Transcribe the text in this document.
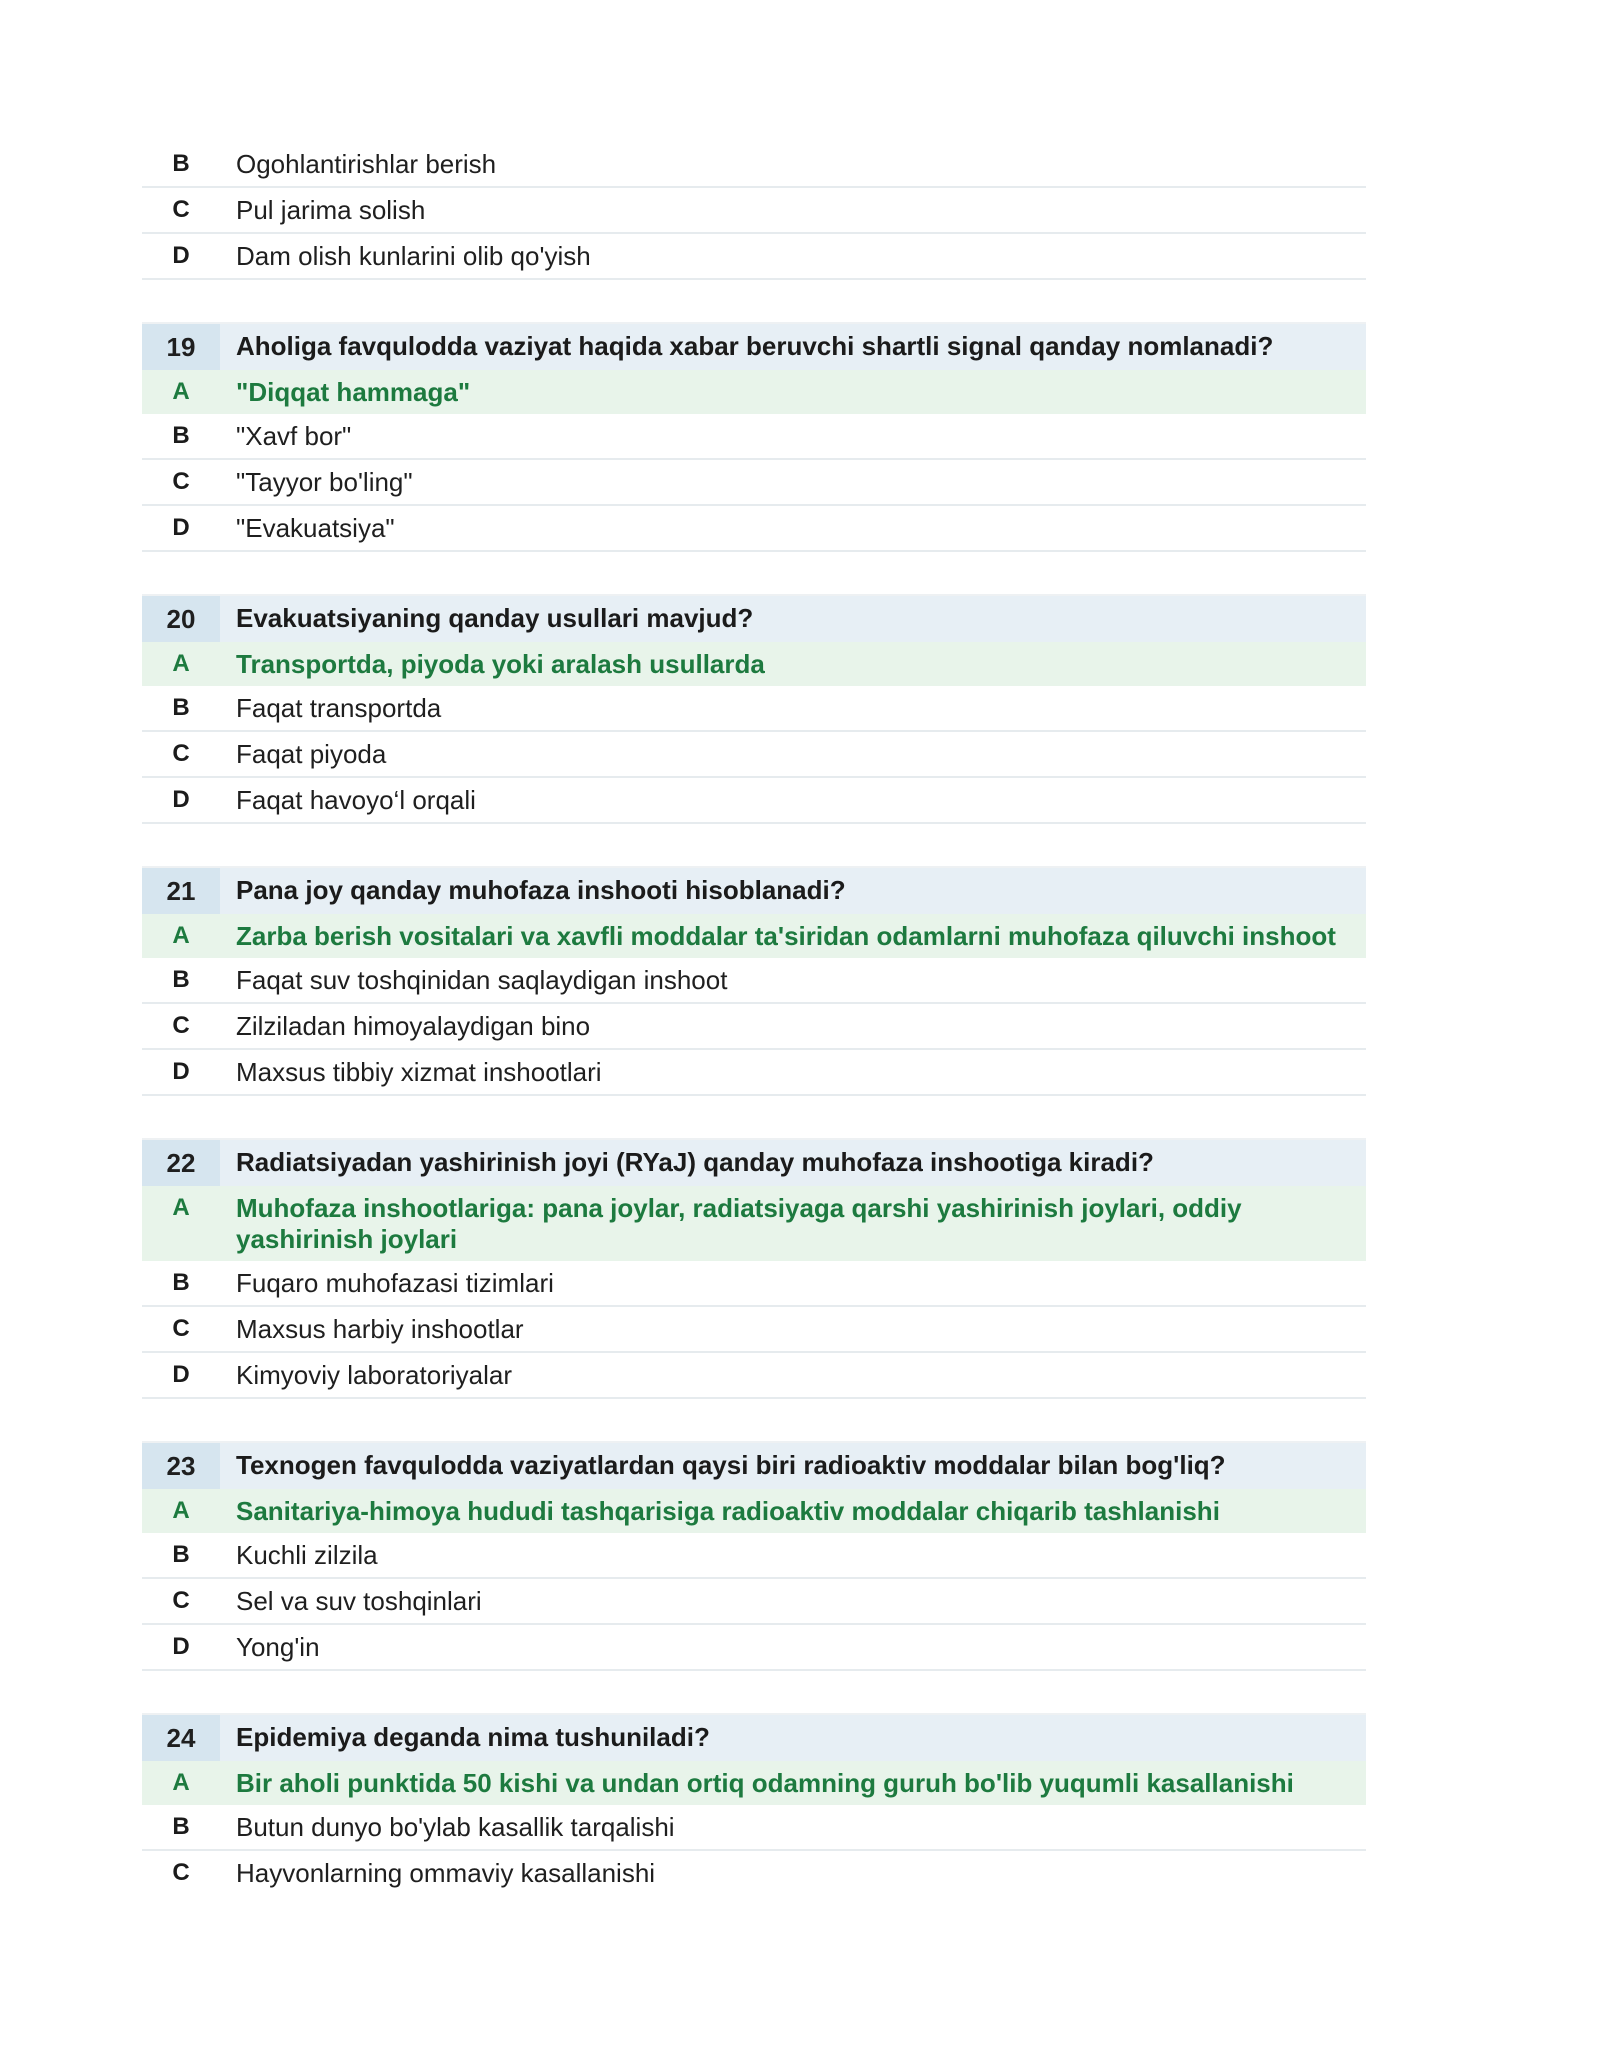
B	Ogohlantirishlar berish
C	Pul jarima solish
D	Dam olish kunlarini olib qo'yish
19	Aholiga favqulodda vaziyat haqida xabar beruvchi shartli signal qanday nomlanadi?
A	"Diqqat hammaga"
B	"Xavf bor"
C	"Tayyor bo'ling"
D	"Evakuatsiya"
20	Evakuatsiyaning qanday usullari mavjud?
A	Transportda, piyoda yoki aralash usullarda
B	Faqat transportda
C	Faqat piyoda
D	Faqat havoyo‘l orqali
21	Pana joy qanday muhofaza inshooti hisoblanadi?
A	Zarba berish vositalari va xavfli moddalar ta'siridan odamlarni muhofaza qiluvchi inshoot
B	Faqat suv toshqinidan saqlaydigan inshoot
C	Zilziladan himoyalaydigan bino
D	Maxsus tibbiy xizmat inshootlari
22	Radiatsiyadan yashirinish joyi (RYaJ) qanday muhofaza inshootiga kiradi?
A	Muhofaza inshootlariga: pana joylar, radiatsiyaga qarshi yashirinish joylari, oddiy yashirinish joylari
B	Fuqaro muhofazasi tizimlari
C	Maxsus harbiy inshootlar
D	Kimyoviy laboratoriyalar
23	Texnogen favqulodda vaziyatlardan qaysi biri radioaktiv moddalar bilan bog'liq?
A	Sanitariya-himoya hududi tashqarisiga radioaktiv moddalar chiqarib tashlanishi
B	Kuchli zilzila
C	Sel va suv toshqinlari
D	Yong'in
24	Epidemiya deganda nima tushuniladi?
A	Bir aholi punktida 50 kishi va undan ortiq odamning guruh bo'lib yuqumli kasallanishi
B	Butun dunyo bo'ylab kasallik tarqalishi
C	Hayvonlarning ommaviy kasallanishi
